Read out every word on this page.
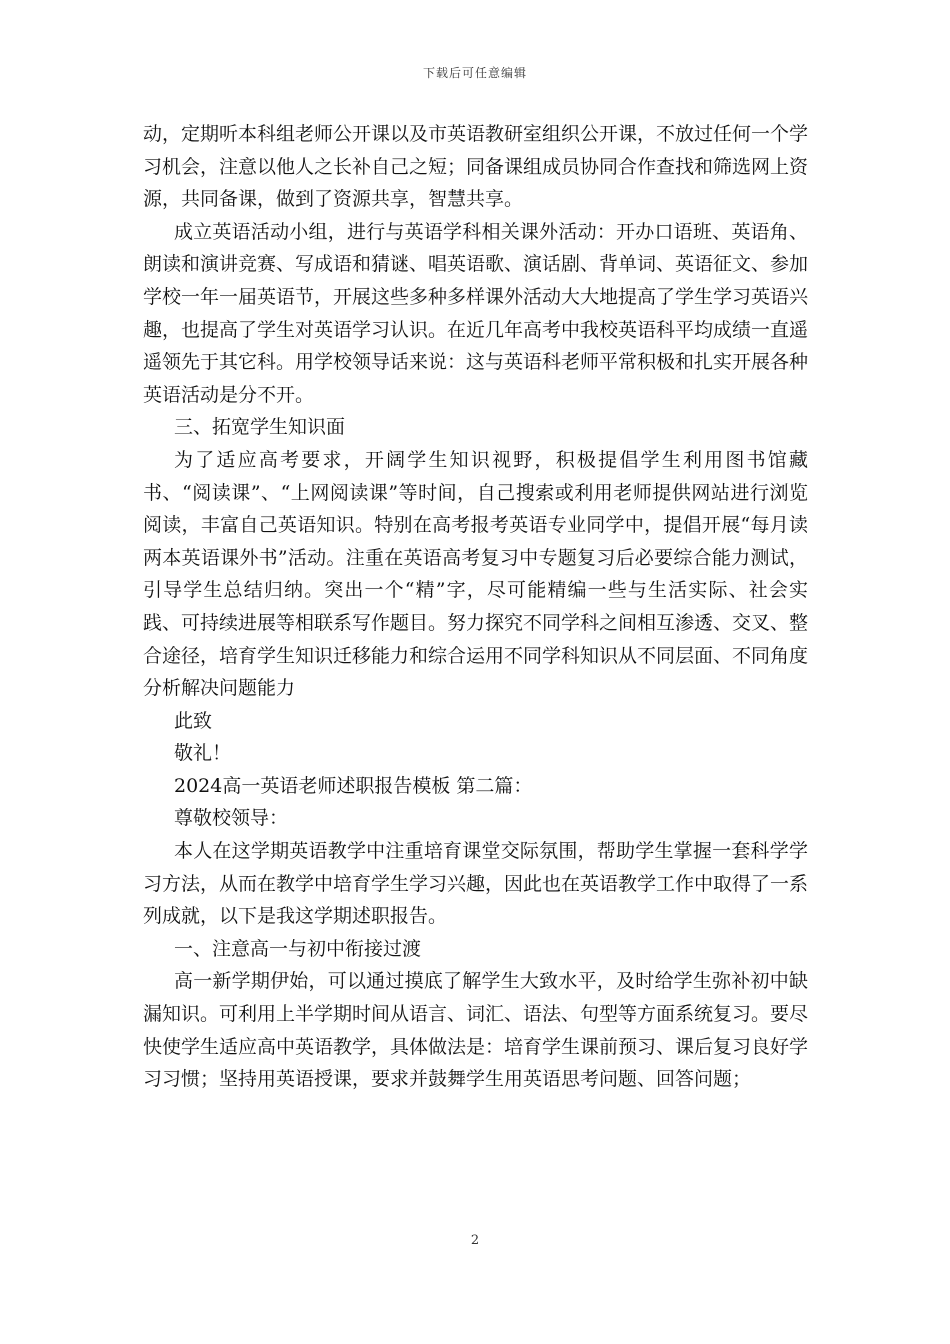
下载后可任意编辑

动，定期听本科组老师公开课以及市英语教研室组织公开课，不放过任何一个学习机会，注意以他人之长补自己之短；同备课组成员协同合作查找和筛选网上资源，共同备课，做到了资源共享，智慧共享。

成立英语活动小组，进行与英语学科相关课外活动：开办口语班、英语角、朗读和演讲竞赛、写成语和猜谜、唱英语歌、演话剧、背单词、英语征文、参加学校一年一届英语节，开展这些多种多样课外活动大大地提高了学生学习英语兴趣，也提高了学生对英语学习认识。在近几年高考中我校英语科平均成绩一直遥遥领先于其它科。用学校领导话来说：这与英语科老师平常积极和扎实开展各种英语活动是分不开。

三、拓宽学生知识面

为了适应高考要求，开阔学生知识视野，积极提倡学生利用图书馆藏书、“阅读课”、“上网阅读课”等时间，自己搜索或利用老师提供网站进行浏览阅读，丰富自己英语知识。特别在高考报考英语专业同学中，提倡开展“每月读两本英语课外书”活动。注重在英语高考复习中专题复习后必要综合能力测试，引导学生总结归纳。突出一个“精”字，尽可能精编一些与生活实际、社会实践、可持续进展等相联系写作题目。努力探究不同学科之间相互渗透、交叉、整合途径，培育学生知识迁移能力和综合运用不同学科知识从不同层面、不同角度分析解决问题能力

此致

敬礼！

2024高一英语老师述职报告模板 第二篇：

尊敬校领导：

本人在这学期英语教学中注重培育课堂交际氛围，帮助学生掌握一套科学学习方法，从而在教学中培育学生学习兴趣，因此也在英语教学工作中取得了一系列成就，以下是我这学期述职报告。

一、注意高一与初中衔接过渡

高一新学期伊始，可以通过摸底了解学生大致水平，及时给学生弥补初中缺漏知识。可利用上半学期时间从语言、词汇、语法、句型等方面系统复习。要尽快使学生适应高中英语教学，具体做法是：培育学生课前预习、课后复习良好学习习惯；坚持用英语授课，要求并鼓舞学生用英语思考问题、回答问题；

2
